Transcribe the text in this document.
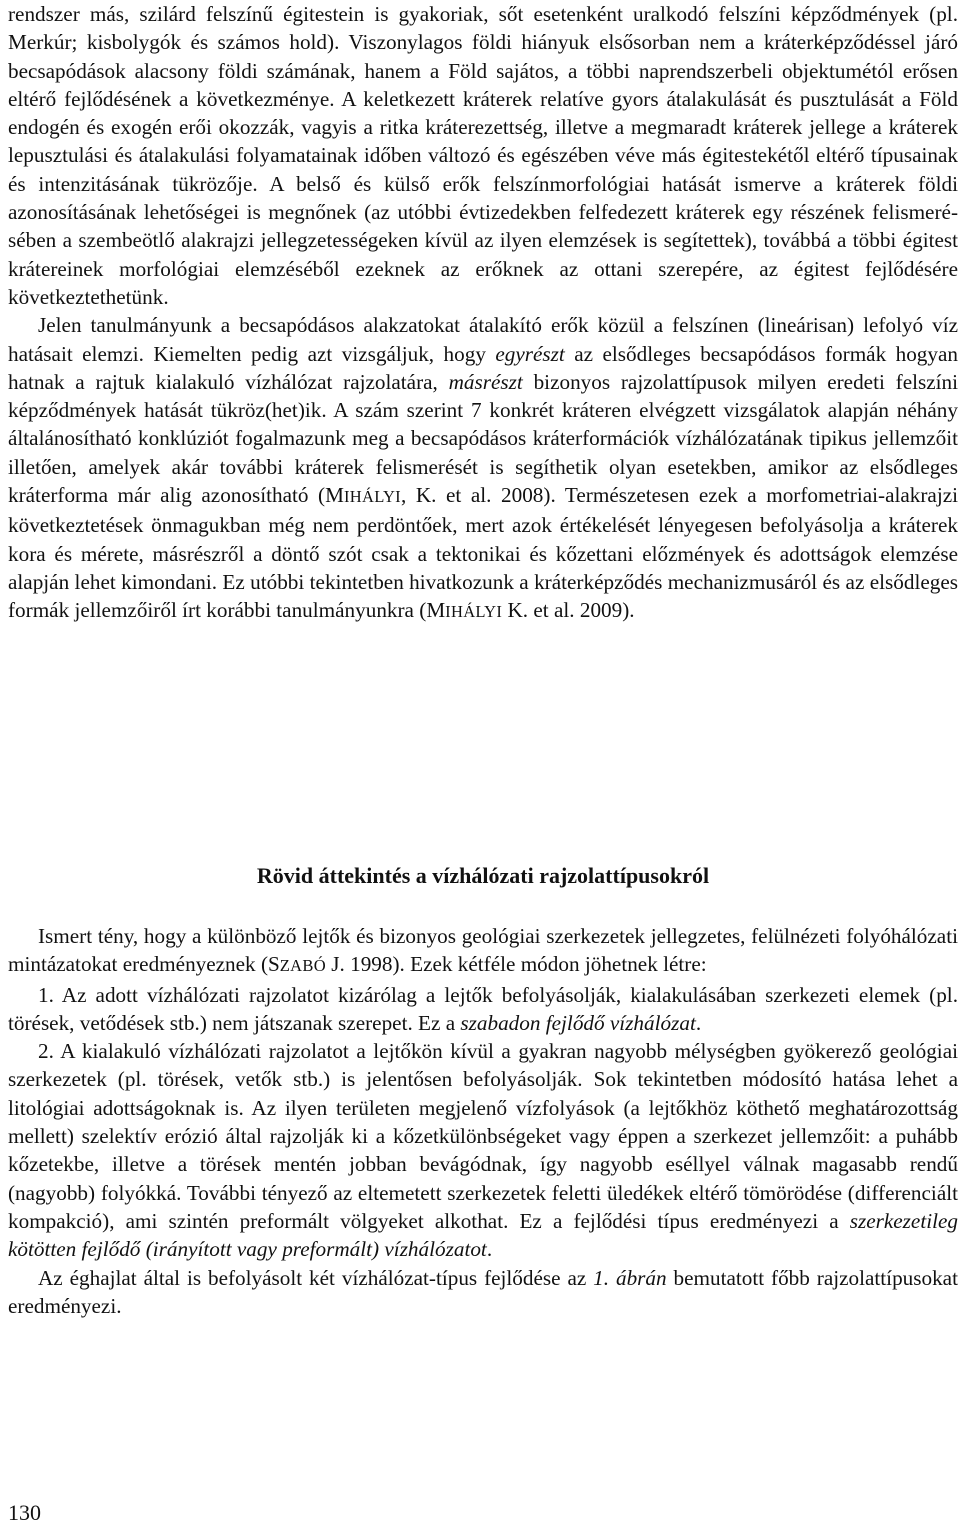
rendszer más, szilárd felszínű égitestein is gyakoriak, sőt esetenként uralkodó felszíni képződmények (pl. Merkúr; kisbolygók és számos hold). Viszonylagos földi hiányuk elsősorban nem a kráterképződéssel járó becsapódások alacsony földi számának, hanem a Föld sajátos, a többi naprendszerbeli objektumétól erősen eltérő fejlődésének a következménye. A keletkezett kráterek relatíve gyors átalakulását és pusztulását a Föld endogén és exogén erői okozzák, vagyis a ritka kráterezettség, illetve a megmaradt kráterek jellege a kráterek lepusztulási és átalakulási folyamatainak időben változó és egészében véve más égitestekétől eltérő típusainak és intenzitásának tükrözője. A belső és külső erők felszínmorfológiai hatását ismerve a kráterek földi azonosításának lehetőségei is megnőnek (az utóbbi évtizedekben felfedezett kráterek egy részének felismerésében a szembeötlő alakrajzi jellegzetességeken kívül az ilyen elemzések is segítettek), továbbá a többi égitest krátereinek morfológiai elemzéséből ezeknek az erőknek az ottani szerepére, az égitest fejlődésére következtethetünk.

Jelen tanulmányunk a becsapódásos alakzatokat átalakító erők közül a felszínen (lineárisan) lefolyó víz hatásait elemzi. Kiemelten pedig azt vizsgáljuk, hogy egyrészt az elsődleges becsapódásos formák hogyan hatnak a rajtuk kialakuló vízhálózat rajzolatára, másrészt bizonyos rajzolattípusok milyen eredeti felszíni képződmények hatását tükröz(het)ik. A szám szerint 7 konkrét kráteren elvégzett vizsgálatok alapján néhány általánosítható konklúziót fogalmazunk meg a becsapódásos kráterformációk vízhálózatának tipikus jellemzőit illetően, amelyek akár további kráterek felismerését is segíthetik olyan esetekben, amikor az elsődleges kráterforma már alig azonosítható (MIHÁLYI, K. et al. 2008). Természetesen ezek a morfometriai-alakrajzi következtetések önmagukban még nem perdöntőek, mert azok értékelését lényegesen befolyásolja a kráterek kora és mérete, másrészről a döntő szót csak a tektonikai és kőzettani előzmények és adottságok elemzése alapján lehet kimondani. Ez utóbbi tekintetben hivatkozunk a kráterképződés mechanizmusáról és az elsődleges formák jellemzőiről írt korábbi tanulmányunkra (MIHÁLYI K. et al. 2009).

Rövid áttekintés a vízhálózati rajzolattípusokról

Ismert tény, hogy a különböző lejtők és bizonyos geológiai szerkezetek jellegzetes, felülnézeti folyóhálózati mintázatokat eredményeznek (SZABÓ J. 1998). Ezek kétféle módon jöhetnek létre:

1. Az adott vízhálózati rajzolatot kizárólag a lejtők befolyásolják, kialakulásában szerkezeti elemek (pl. törések, vetődések stb.) nem játszanak szerepet. Ez a szabadon fejlődő vízhálózat.

2. A kialakuló vízhálózati rajzolatot a lejtőkön kívül a gyakran nagyobb mélységben gyökerező geológiai szerkezetek (pl. törések, vetők stb.) is jelentősen befolyásolják. Sok tekintetben módosító hatása lehet a litológiai adottságoknak is. Az ilyen területen megjelenő vízfolyások (a lejtőkhöz köthető meghatározottság mellett) szelektív erózió által rajzolják ki a kőzetkülönbségeket vagy éppen a szerkezet jellemzőit: a puhább kőzetekbe, illetve a törések mentén jobban bevágódnak, így nagyobb eséllyel válnak magasabb rendű (nagyobb) folyókká. További tényező az eltemetett szerkezetek feletti üledékek eltérő tömörödése (differenciált kompakció), ami szintén preformált völgyeket alkothat. Ez a fejlődési típus eredményezi a szerkezetileg kötötten fejlődő (irányított vagy preformált) vízhálózatot.

Az éghajlat által is befolyásolt két vízhálózat-típus fejlődése az 1. ábrán bemutatott főbb rajzolattípusokat eredményezi.

130
